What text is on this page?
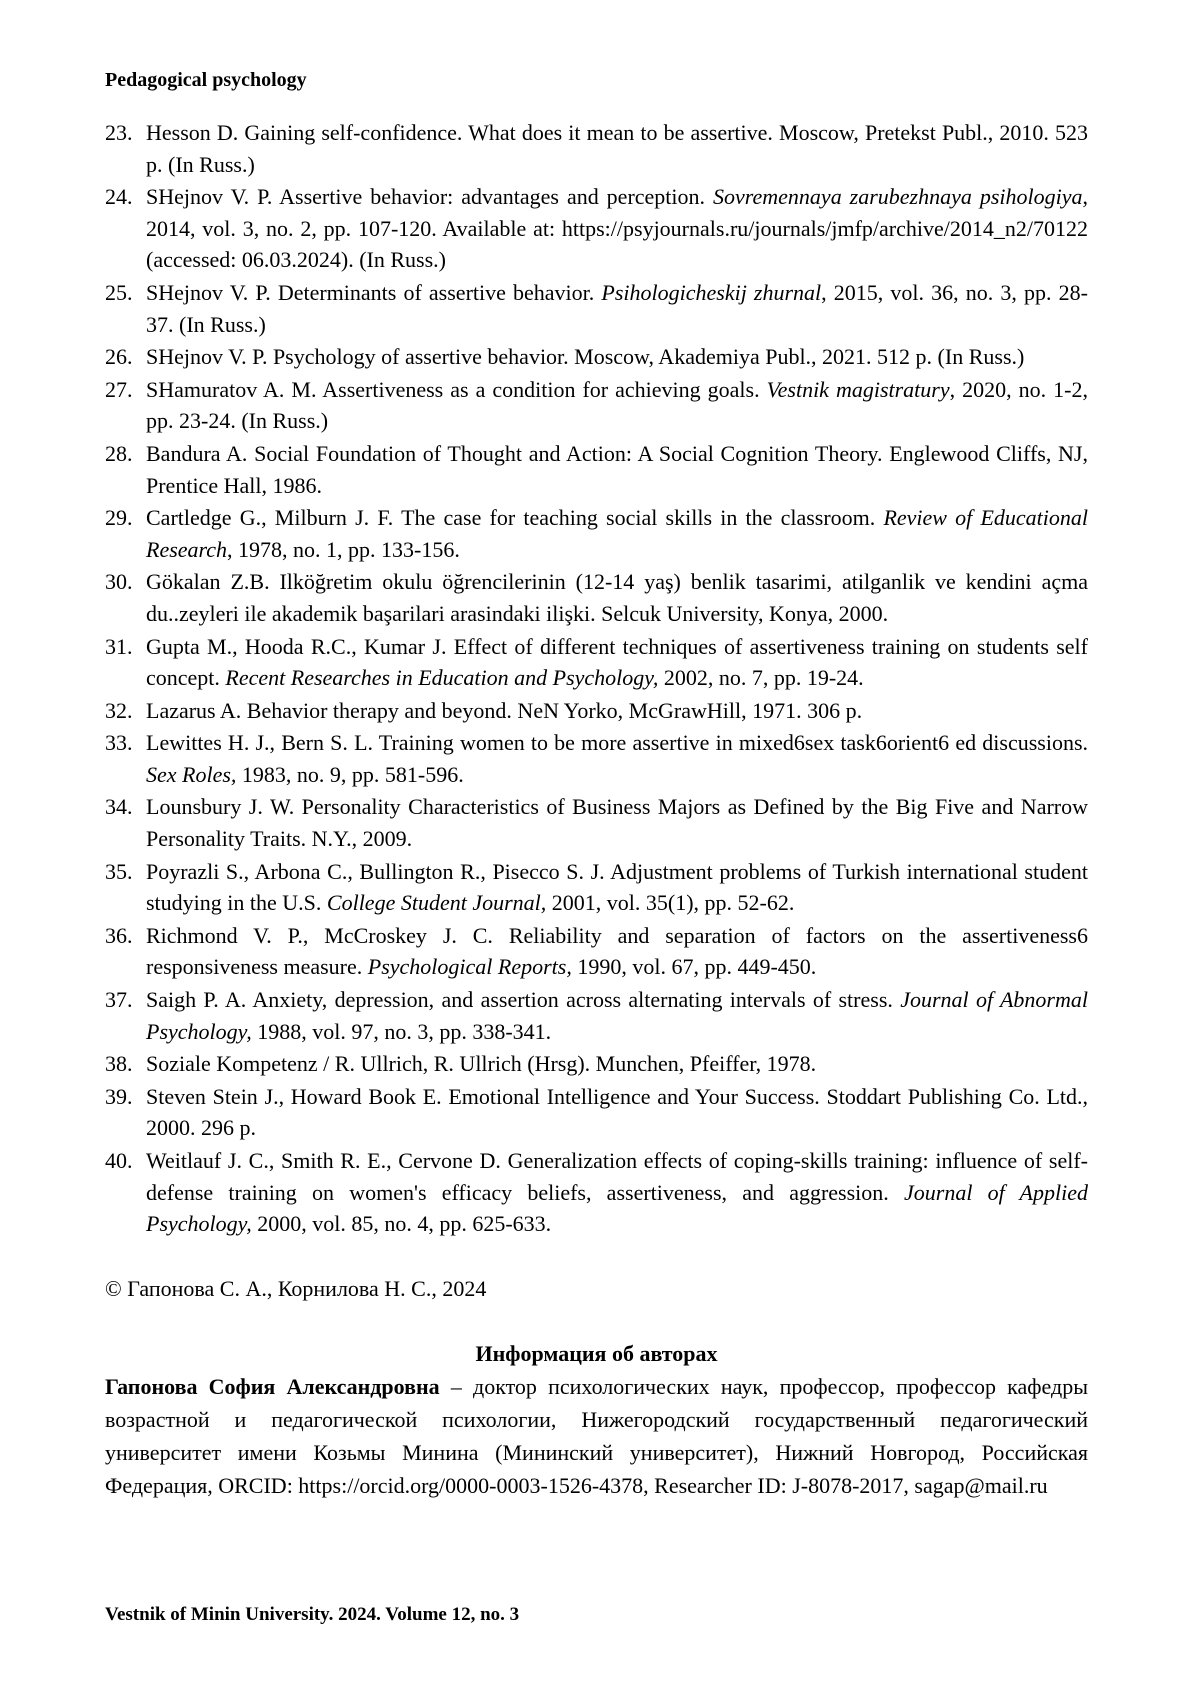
Pedagogical psychology
23. Hesson D. Gaining self-confidence. What does it mean to be assertive. Moscow, Pretekst Publ., 2010. 523 p. (In Russ.)
24. SHejnov V. P. Assertive behavior: advantages and perception. Sovremennaya zarubezhnaya psihologiya, 2014, vol. 3, no. 2, pp. 107-120. Available at: https://psyjournals.ru/journals/jmfp/archive/2014_n2/70122 (accessed: 06.03.2024). (In Russ.)
25. SHejnov V. P. Determinants of assertive behavior. Psihologicheskij zhurnal, 2015, vol. 36, no. 3, pp. 28-37. (In Russ.)
26. SHejnov V. P. Psychology of assertive behavior. Moscow, Akademiya Publ., 2021. 512 p. (In Russ.)
27. SHamuratov A. M. Assertiveness as a condition for achieving goals. Vestnik magistratury, 2020, no. 1-2, pp. 23-24. (In Russ.)
28. Bandura A. Social Foundation of Thought and Action: A Social Cognition Theory. Englewood Cliffs, NJ, Prentice Hall, 1986.
29. Cartledge G., Milburn J. F. The case for teaching social skills in the classroom. Review of Educational Research, 1978, no. 1, pp. 133-156.
30. Gökalan Z.B. Ilköğretim okulu öğrencilerinin (12-14 yaş) benlik tasarimi, atilganlik ve kendini açma du..zeyleri ile akademik başarilari arasindaki ilişki. Selcuk University, Konya, 2000.
31. Gupta M., Hooda R.C., Kumar J. Effect of different techniques of assertiveness training on students self concept. Recent Researches in Education and Psychology, 2002, no. 7, pp. 19-24.
32. Lazarus A. Behavior therapy and beyond. NeN Yorko, McGrawHill, 1971. 306 p.
33. Lewittes H. J., Bern S. L. Training women to be more assertive in mixed6sex task6orient6 ed discussions. Sex Roles, 1983, no. 9, pp. 581-596.
34. Lounsbury J. W. Personality Characteristics of Business Majors as Defined by the Big Five and Narrow Personality Traits. N.Y., 2009.
35. Poyrazli S., Arbona C., Bullington R., Pisecco S. J. Adjustment problems of Turkish international student studying in the U.S. College Student Journal, 2001, vol. 35(1), pp. 52-62.
36. Richmond V. P., McCroskey J. C. Reliability and separation of factors on the assertiveness6 responsiveness measure. Psychological Reports, 1990, vol. 67, pp. 449-450.
37. Saigh P. A. Anxiety, depression, and assertion across alternating intervals of stress. Journal of Abnormal Psychology, 1988, vol. 97, no. 3, pp. 338-341.
38. Soziale Kompetenz / R. Ullrich, R. Ullrich (Hrsg). Munchen, Pfeiffer, 1978.
39. Steven Stein J., Howard Book E. Emotional Intelligence and Your Success. Stoddart Publishing Co. Ltd., 2000. 296 p.
40. Weitlauf J. C., Smith R. E., Cervone D. Generalization effects of coping-skills training: influence of self-defense training on women's efficacy beliefs, assertiveness, and aggression. Journal of Applied Psychology, 2000, vol. 85, no. 4, pp. 625-633.
© Гапонова С. А., Корнилова Н. С., 2024
Информация об авторах

Гапонова София Александровна – доктор психологических наук, профессор, профессор кафедры возрастной и педагогической психологии, Нижегородский государственный педагогический университет имени Козьмы Минина (Мининский университет), Нижний Новгород, Российская Федерация, ORCID: https://orcid.org/0000-0003-1526-4378, Researcher ID: J-8078-2017, sagap@mail.ru

Vestnik of Minin University. 2024. Volume 12, no. 3
